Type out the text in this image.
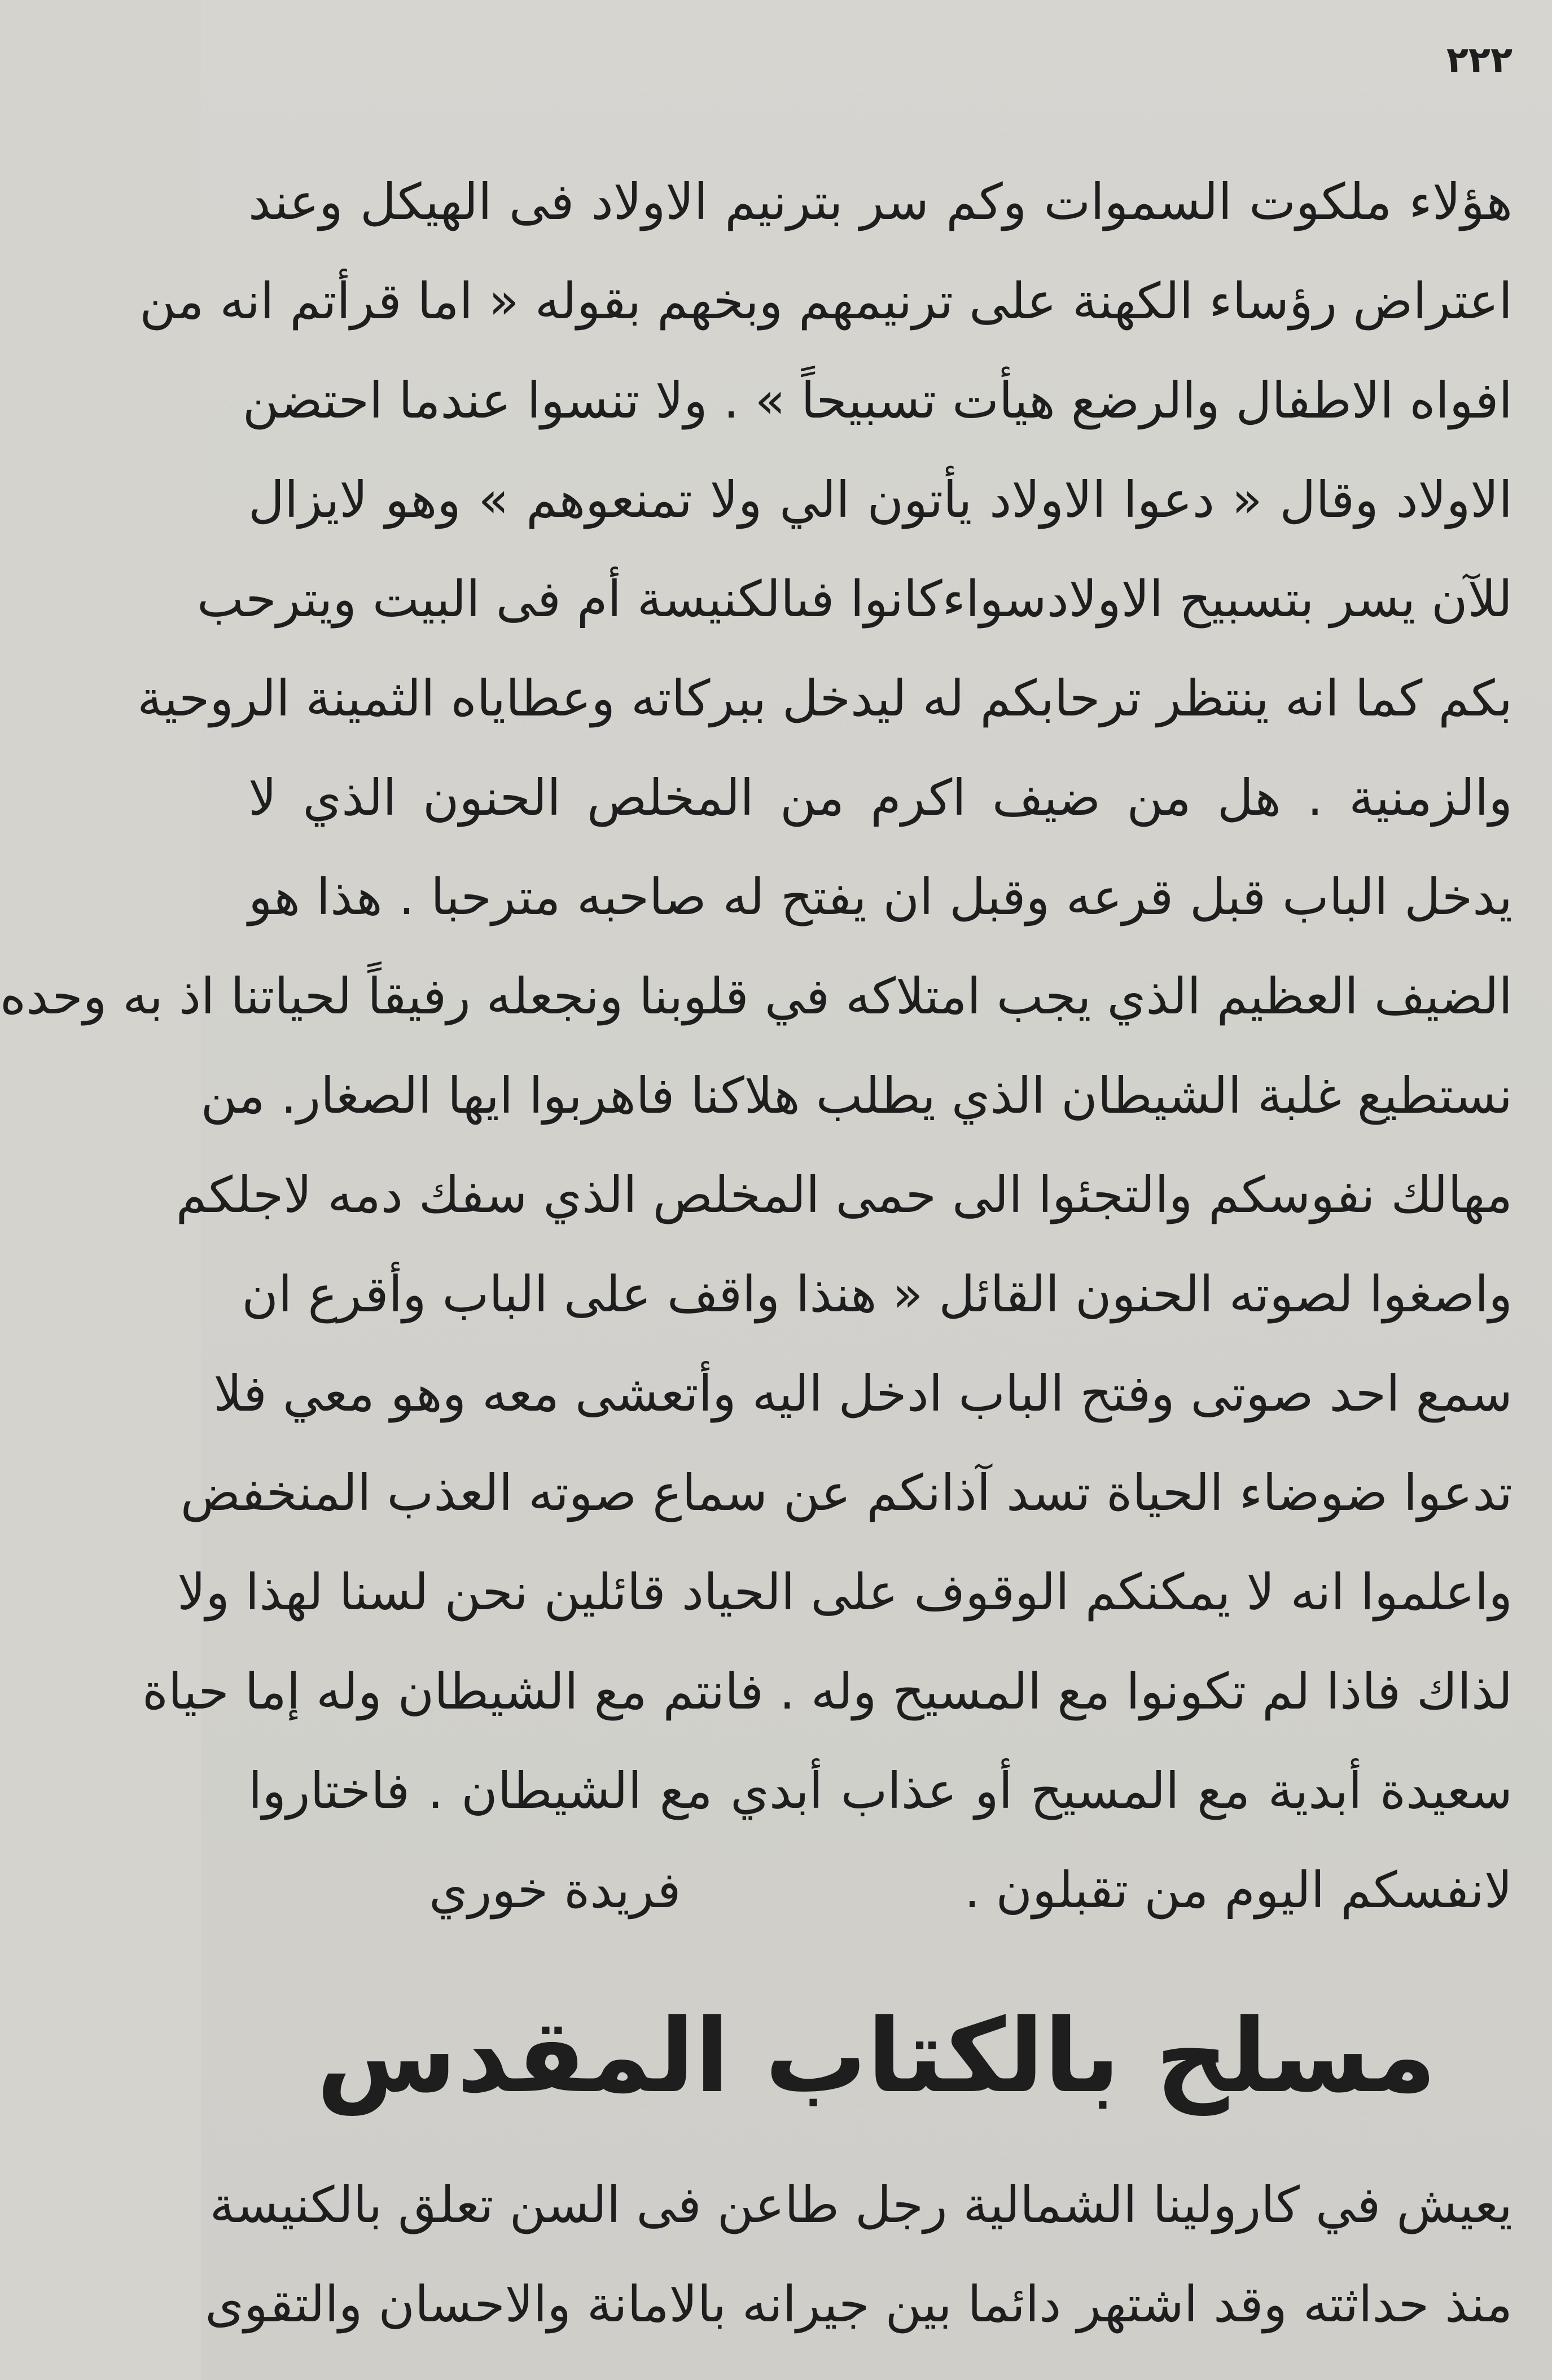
٢٢٢
هؤلاء ملكوت السموات وكم سر بترنيم الاولاد فى الهيكل وعند
اعتراض رؤساء الكهنة على ترنيمهم وبخهم بقوله « اما قرأتم انه من
افواه الاطفال والرضع هيأت تسبيحاً » . ولا تنسوا عندما احتضن
الاولاد وقال « دعوا الاولاد يأتون الي ولا تمنعوهم » وهو لايزال
للآن يسر بتسبيح الاولادسواءكانوا فىالكنيسة أم فى البيت ويترحب
بكم كما انه ينتظر ترحابكم له ليدخل ببركاته وعطاياه الثمينة الروحية
والزمنية . هل من ضيف اكرم من المخلص الحنون الذي لا
يدخل الباب قبل قرعه وقبل ان يفتح له صاحبه مترحبا . هذا هو
الضيف العظيم الذي يجب امتلاكه في قلوبنا ونجعله رفيقاً لحياتنا اذ به وحده
نستطيع غلبة الشيطان الذي يطلب هلاكنا فاهربوا ايها الصغار. من
مهالك نفوسكم والتجئوا الى حمى المخلص الذي سفك دمه لاجلكم
واصغوا لصوته الحنون القائل « هنذا واقف على الباب وأقرع ان
سمع احد صوتى وفتح الباب ادخل اليه وأتعشى معه وهو معي فلا
تدعوا ضوضاء الحياة تسد آذانكم عن سماع صوته العذب المنخفض
واعلموا انه لا يمكنكم الوقوف على الحياد قائلين نحن لسنا لهذا ولا
لذاك فاذا لم تكونوا مع المسيح وله . فانتم مع الشيطان وله إما حياة
سعيدة أبدية مع المسيح أو عذاب أبدي مع الشيطان . فاختاروا
لانفسكم اليوم من تقبلون .
فريدة خوري
مسلح بالكتاب المقدس
يعيش في كارولينا الشمالية رجل طاعن فى السن تعلق بالكنيسة
منذ حداثته وقد اشتهر دائما بين جيرانه بالامانة والاحسان والتقوى
